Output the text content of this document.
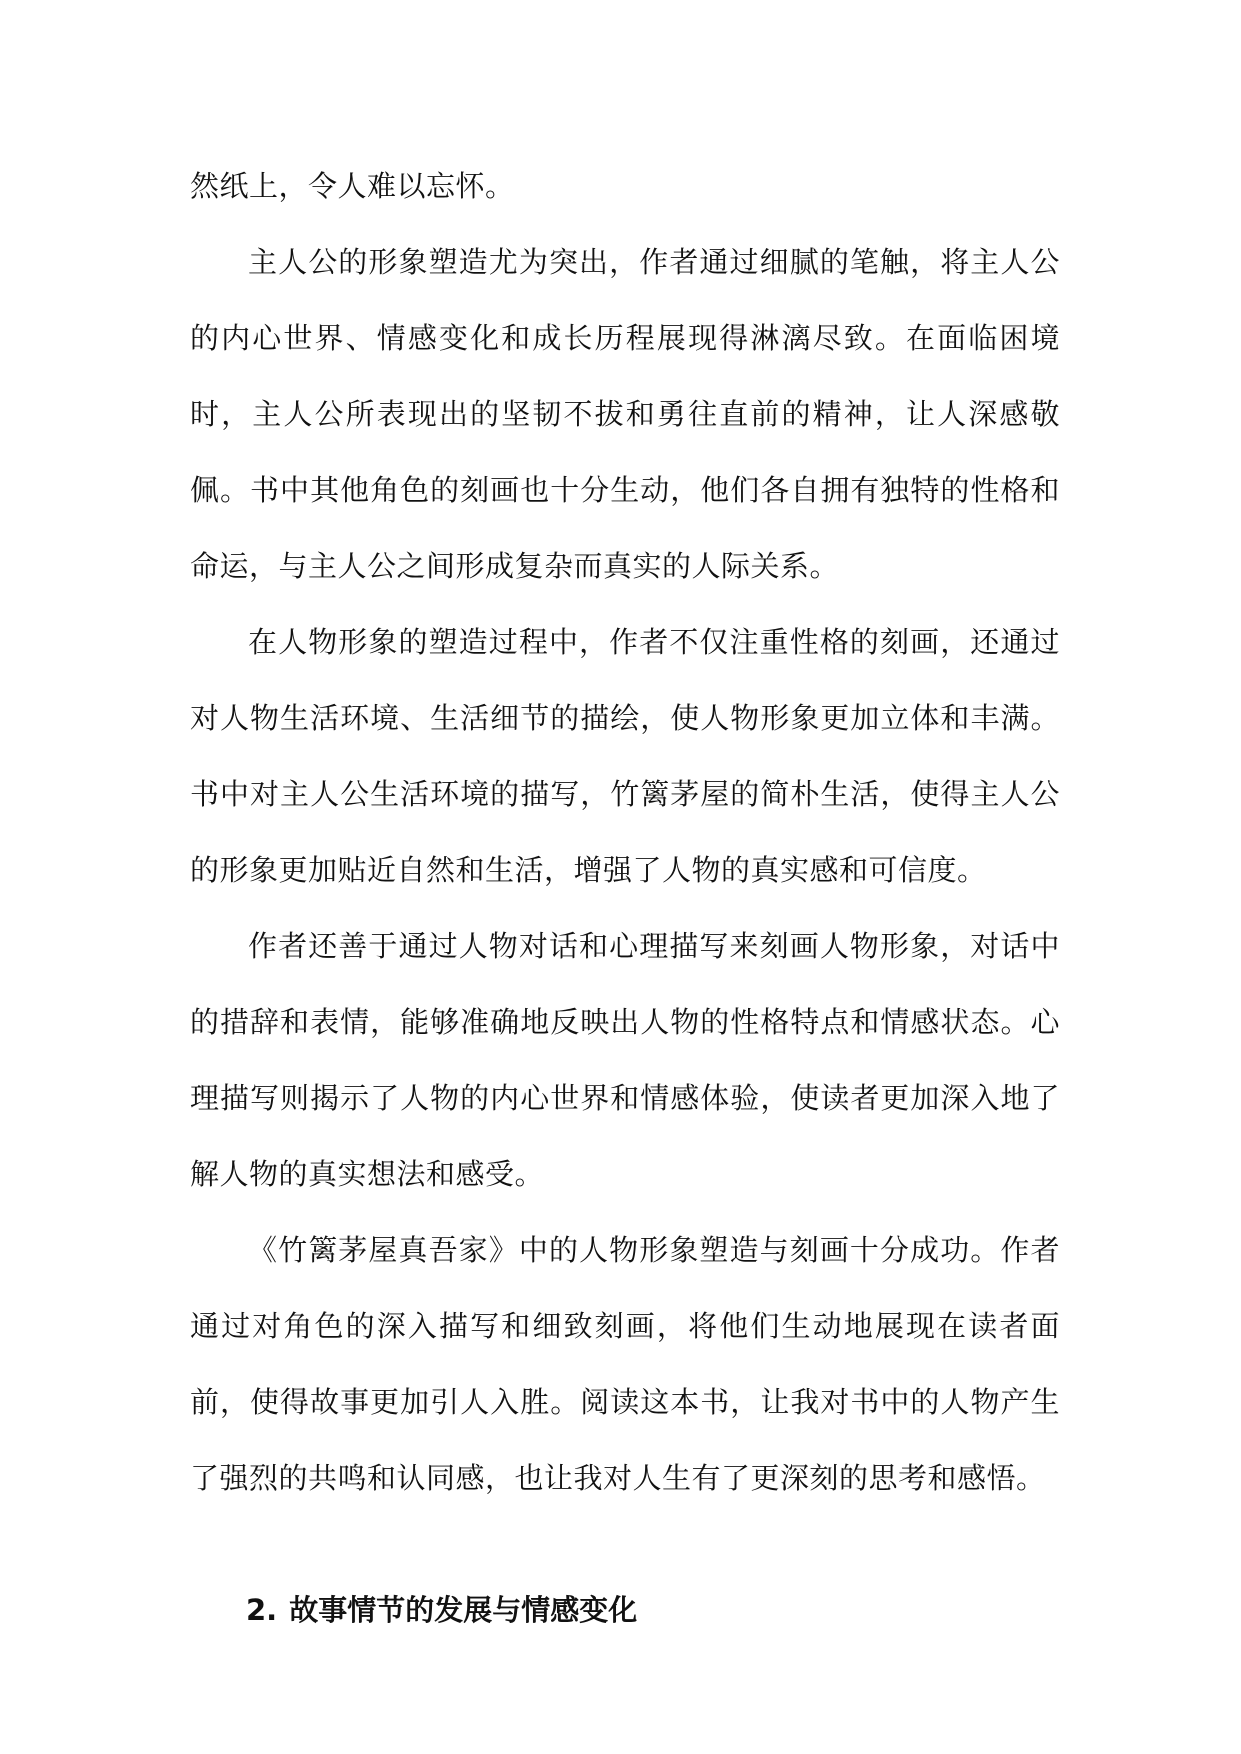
然纸上，令人难以忘怀。

主人公的形象塑造尤为突出，作者通过细腻的笔触，将主人公的内心世界、情感变化和成长历程展现得淋漓尽致。在面临困境时，主人公所表现出的坚韧不拔和勇往直前的精神，让人深感敬佩。书中其他角色的刻画也十分生动，他们各自拥有独特的性格和命运，与主人公之间形成复杂而真实的人际关系。

在人物形象的塑造过程中，作者不仅注重性格的刻画，还通过对人物生活环境、生活细节的描绘，使人物形象更加立体和丰满。书中对主人公生活环境的描写，竹篱茅屋的简朴生活，使得主人公的形象更加贴近自然和生活，增强了人物的真实感和可信度。

作者还善于通过人物对话和心理描写来刻画人物形象，对话中的措辞和表情，能够准确地反映出人物的性格特点和情感状态。心理描写则揭示了人物的内心世界和情感体验，使读者更加深入地了解人物的真实想法和感受。

《竹篱茅屋真吾家》中的人物形象塑造与刻画十分成功。作者通过对角色的深入描写和细致刻画，将他们生动地展现在读者面前，使得故事更加引人入胜。阅读这本书，让我对书中的人物产生了强烈的共鸣和认同感，也让我对人生有了更深刻的思考和感悟。

2. 故事情节的发展与情感变化
